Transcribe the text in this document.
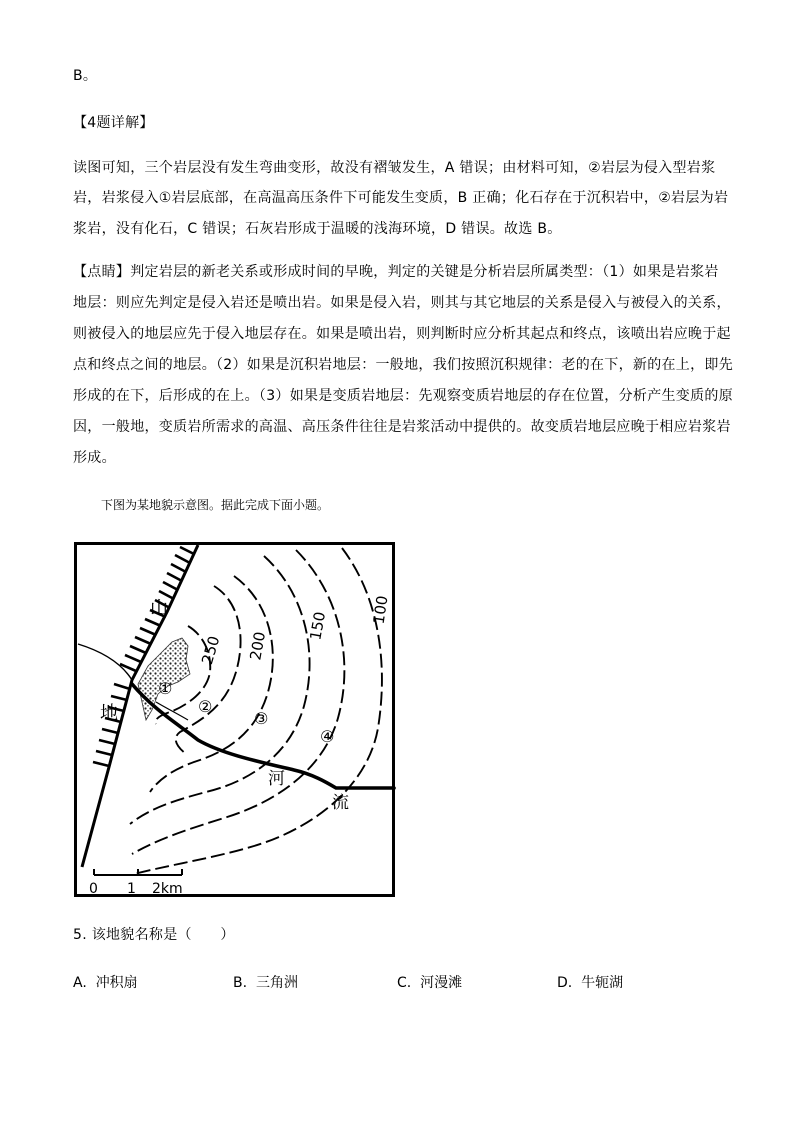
B。
【4题详解】
读图可知，三个岩层没有发生弯曲变形，故没有褶皱发生，A 错误；由材料可知，②岩层为侵入型岩浆
岩，岩浆侵入①岩层底部，在高温高压条件下可能发生变质，B 正确；化石存在于沉积岩中，②岩层为岩
浆岩，没有化石，C 错误；石灰岩形成于温暖的浅海环境，D 错误。故选 B。
【点睛】判定岩层的新老关系或形成时间的早晚，判定的关键是分析岩层所属类型：（1）如果是岩浆岩
地层：则应先判定是侵入岩还是喷出岩。如果是侵入岩，则其与其它地层的关系是侵入与被侵入的关系，
则被侵入的地层应先于侵入地层存在。如果是喷出岩，则判断时应分析其起点和终点，该喷出岩应晚于起
点和终点之间的地层。（2）如果是沉积岩地层：一般地，我们按照沉积规律：老的在下，新的在上，即先
形成的在下，后形成的在上。（3）如果是变质岩地层：先观察变质岩地层的存在位置，分析产生变质的原
因，一般地，变质岩所需求的高温、高压条件往往是岩浆活动中提供的。故变质岩地层应晚于相应岩浆岩
形成。
下图为某地貌示意图。据此完成下面小题。
山
地
250 200
150
100
①
②
③
④
河
流
0 1 2km
5. 该地貌名称是（　　）
A. 冲积扇	B. 三角洲	C. 河漫滩	D. 牛轭湖
